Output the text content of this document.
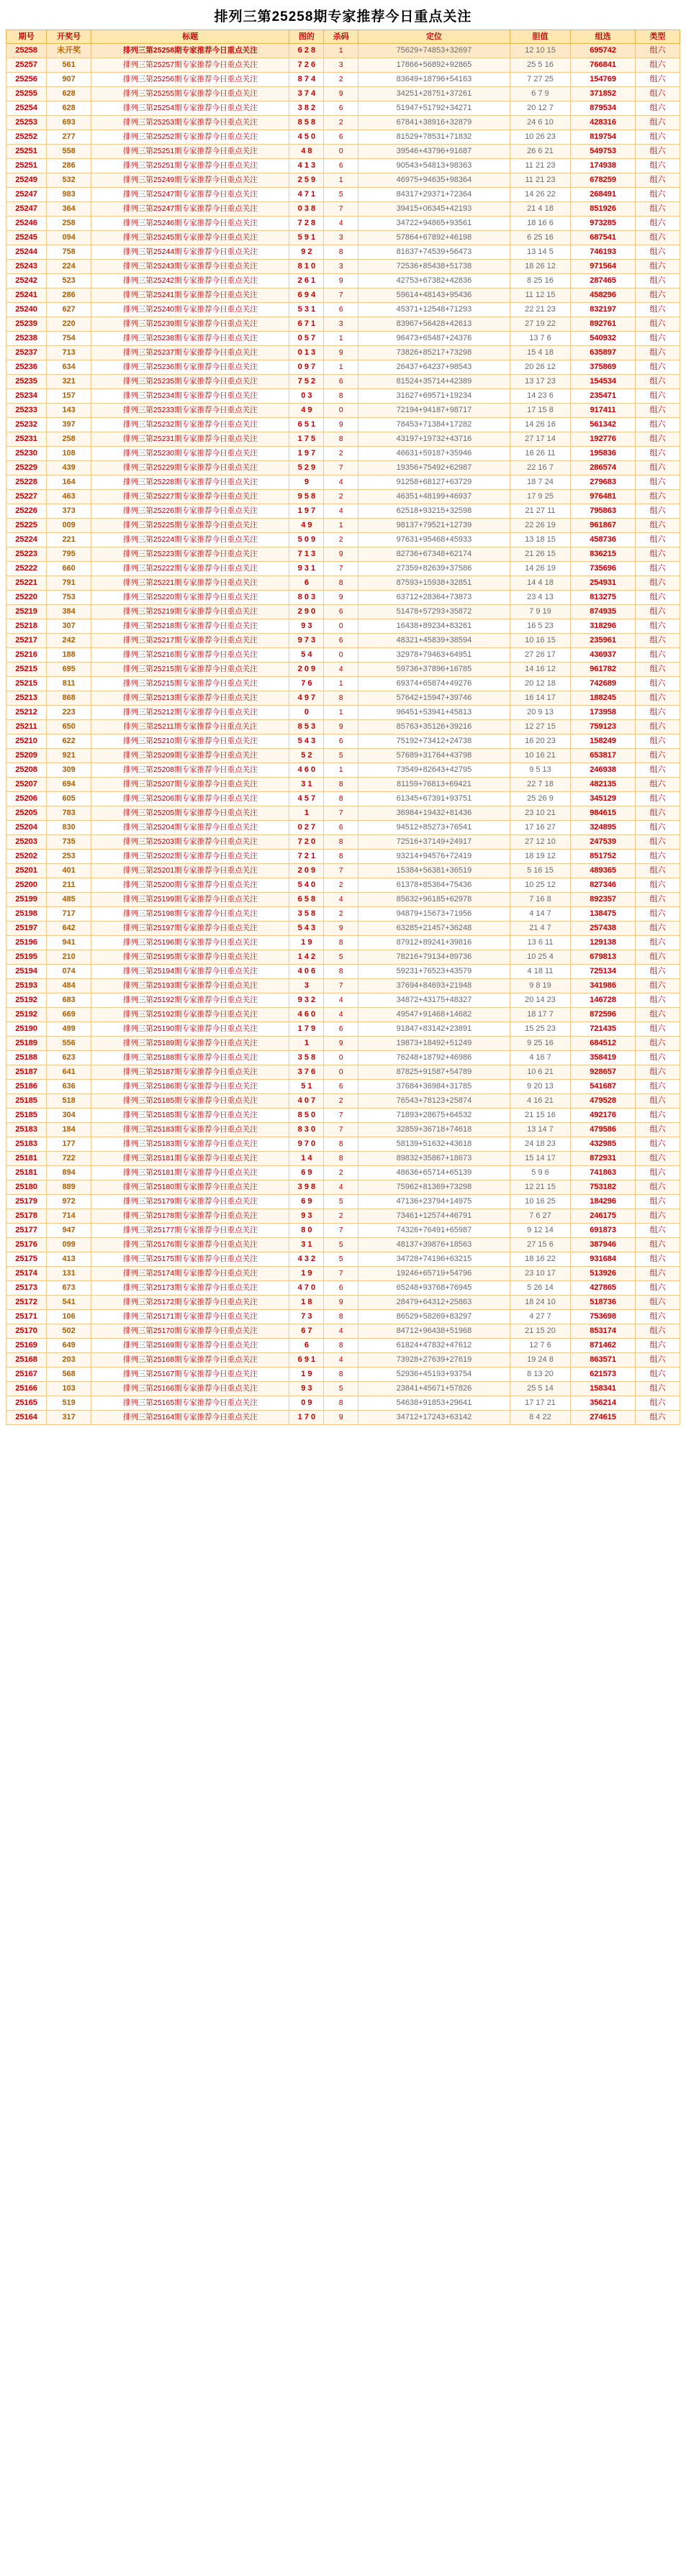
排列三第25258期专家推荐今日重点关注
期号	开奖号	标题	图的	杀码	定位	胆值	组选	类型
25258	未开奖	排列三第25258期专家推荐今日重点关注	6 2 8	1	75629+74853+32697	12 10 15	695742	组六
25257	561	排列三第25257期专家推荐今日重点关注	7 2 6	3	17866+56892+92865	25 5 16	766841	组六
25256	907	排列三第25256期专家推荐今日重点关注	8 7 4	2	83649+18796+54163	7 27 25	154769	组六
25255	628	排列三第25255期专家推荐今日重点关注	3 7 4	9	34251+28751+37261	6 7 9	371852	组六
25254	628	排列三第25254期专家推荐今日重点关注	3 8 2	6	51947+51792+34271	20 12 7	879534	组六
25253	693	排列三第25253期专家推荐今日重点关注	8 5 8	2	67841+38916+32879	24 6 10	428316	组六
25252	277	排列三第25252期专家推荐今日重点关注	4 5 0	6	81529+78531+71832	10 26 23	819754	组六
25251	558	排列三第25251期专家推荐今日重点关注	4 8	0	39546+43796+91687	26 6 21	549753	组六
25251	286	排列三第25251期专家推荐今日重点关注	4 1 3	6	90543+54813+98363	11 21 23	174938	组六
25249	532	排列三第25249期专家推荐今日重点关注	2 5 9	1	46975+94635+98364	11 21 23	678259	组六
25247	983	排列三第25247期专家推荐今日重点关注	4 7 1	5	84317+29371+72364	14 26 22	268491	组六
25247	364	排列三第25247期专家推荐今日重点关注	0 3 8	7	39415+06345+42193	21 4 18	851926	组六
25246	258	排列三第25246期专家推荐今日重点关注	7 2 8	4	34722+94865+93561	18 16 6	973285	组六
25245	094	排列三第25245期专家推荐今日重点关注	5 9 1	3	57864+67892+46198	6 25 16	687541	组六
25244	758	排列三第25244期专家推荐今日重点关注	9 2	8	81637+74539+56473	13 14 5	746193	组六
25243	224	排列三第25243期专家推荐今日重点关注	8 1 0	3	72536+85438+51738	18 26 12	971564	组六
25242	523	排列三第25242期专家推荐今日重点关注	2 6 1	9	42753+67382+42836	8 25 16	287465	组六
25241	286	排列三第25241期专家推荐今日重点关注	6 9 4	7	59614+48143+95436	11 12 15	458296	组六
25240	627	排列三第25240期专家推荐今日重点关注	5 3 1	6	45371+12548+71293	22 21 23	832197	组六
25239	220	排列三第25239期专家推荐今日重点关注	6 7 1	3	83967+56428+42613	27 19 22	892761	组六
25238	754	排列三第25238期专家推荐今日重点关注	0 5 7	1	96473+65487+24376	13 7 6	540932	组六
25237	713	排列三第25237期专家推荐今日重点关注	0 1 3	9	73826+85217+73298	15 4 18	635897	组六
25236	634	排列三第25236期专家推荐今日重点关注	0 9 7	1	26437+64237+98543	20 26 12	375869	组六
25235	321	排列三第25235期专家推荐今日重点关注	7 5 2	6	81524+35714+42389	13 17 23	154534	组六
25234	157	排列三第25234期专家推荐今日重点关注	0 3	8	31627+69571+19234	14 23 6	235471	组六
25233	143	排列三第25233期专家推荐今日重点关注	4 9	0	72194+94187+98717	17 15 8	917411	组六
25232	397	排列三第25232期专家推荐今日重点关注	6 5 1	9	78453+71384+17282	14 26 16	561342	组六
25231	258	排列三第25231期专家推荐今日重点关注	1 7 5	8	43197+19732+43716	27 17 14	192776	组六
25230	108	排列三第25230期专家推荐今日重点关注	1 9 7	2	46631+59187+35946	16 26 11	195836	组六
25229	439	排列三第25229期专家推荐今日重点关注	5 2 9	7	19356+75492+62987	22 16 7	286574	组六
25228	164	排列三第25228期专家推荐今日重点关注	9	4	91258+68127+63729	18 7 24	279683	组六
25227	463	排列三第25227期专家推荐今日重点关注	9 5 8	2	46351+48199+46937	17 9 25	976481	组六
25226	373	排列三第25226期专家推荐今日重点关注	1 9 7	4	62518+93215+32598	21 27 11	795863	组六
25225	009	排列三第25225期专家推荐今日重点关注	4 9	1	98137+79521+12739	22 26 19	961867	组六
25224	221	排列三第25224期专家推荐今日重点关注	5 0 9	2	97631+95468+45933	13 18 15	458736	组六
25223	795	排列三第25223期专家推荐今日重点关注	7 1 3	9	82736+67348+62174	21 26 15	836215	组六
25222	660	排列三第25222期专家推荐今日重点关注	9 3 1	7	27359+82639+37586	14 26 19	735696	组六
25221	791	排列三第25221期专家推荐今日重点关注	6	8	87593+15938+32851	14 4 18	254931	组六
25220	753	排列三第25220期专家推荐今日重点关注	8 0 3	9	63712+28364+73873	23 4 13	813275	组六
25219	384	排列三第25219期专家推荐今日重点关注	2 9 0	6	51478+57293+35872	7 9 19	874935	组六
25218	307	排列三第25218期专家推荐今日重点关注	9 3	0	16438+89234+83261	16 5 23	318296	组六
25217	242	排列三第25217期专家推荐今日重点关注	9 7 3	6	48321+45839+38594	10 16 15	235961	组六
25216	188	排列三第25216期专家推荐今日重点关注	5 4	0	32978+79463+64951	27 26 17	436937	组六
25215	695	排列三第25215期专家推荐今日重点关注	2 0 9	4	59736+37896+16785	14 16 12	961782	组六
25215	811	排列三第25215期专家推荐今日重点关注	7 6	1	69374+65874+49276	20 12 18	742689	组六
25213	868	排列三第25213期专家推荐今日重点关注	4 9 7	8	57642+15947+39746	16 14 17	188245	组六
25212	223	排列三第25212期专家推荐今日重点关注	0	1	96451+53941+45813	20 9 13	173958	组六
25211	650	排列三第25211期专家推荐今日重点关注	8 5 3	9	85763+35126+39216	12 27 15	759123	组六
25210	622	排列三第25210期专家推荐今日重点关注	5 4 3	6	75192+73412+24738	16 20 23	158249	组六
25209	921	排列三第25209期专家推荐今日重点关注	5 2	5	57689+31764+43798	10 16 21	653817	组六
25208	309	排列三第25208期专家推荐今日重点关注	4 6 0	1	73549+82643+42795	9 5 13	246938	组六
25207	694	排列三第25207期专家推荐今日重点关注	3 1	8	81159+76813+69421	22 7 18	482135	组六
25206	605	排列三第25206期专家推荐今日重点关注	4 5 7	8	61345+67391+93751	25 26 9	345129	组六
25205	783	排列三第25205期专家推荐今日重点关注	1	7	36984+19432+81436	23 10 21	984615	组六
25204	830	排列三第25204期专家推荐今日重点关注	0 2 7	6	94512+85273+76541	17 16 27	324895	组六
25203	735	排列三第25203期专家推荐今日重点关注	7 2 0	8	72516+37149+24917	27 12 10	247539	组六
25202	253	排列三第25202期专家推荐今日重点关注	7 2 1	8	93214+94576+72419	18 19 12	851752	组六
25201	401	排列三第25201期专家推荐今日重点关注	2 0 9	7	15384+56381+36519	5 16 15	489365	组六
25200	211	排列三第25200期专家推荐今日重点关注	5 4 0	2	61378+85364+75436	10 25 12	827346	组六
25199	485	排列三第25199期专家推荐今日重点关注	6 5 8	4	85632+96185+62978	7 16 8	892357	组六
25198	717	排列三第25198期专家推荐今日重点关注	3 5 8	2	94879+15673+71956	4 14 7	138475	组六
25197	642	排列三第25197期专家推荐今日重点关注	5 4 3	9	63285+21457+36248	21 4 7	257438	组六
25196	941	排列三第25196期专家推荐今日重点关注	1 9	8	87912+89241+39816	13 6 11	129138	组六
25195	210	排列三第25195期专家推荐今日重点关注	1 4 2	5	78216+79134+89736	10 25 4	679813	组六
25194	074	排列三第25194期专家推荐今日重点关注	4 0 6	8	59231+76523+43579	4 18 11	725134	组六
25193	484	排列三第25193期专家推荐今日重点关注	3	7	37694+84693+21948	9 8 19	341986	组六
25192	683	排列三第25192期专家推荐今日重点关注	9 3 2	4	34872+43175+48327	20 14 23	146728	组六
25192	669	排列三第25192期专家推荐今日重点关注	4 6 0	4	49547+91468+14682	18 17 7	872596	组六
25190	499	排列三第25190期专家推荐今日重点关注	1 7 9	6	91847+83142+23891	15 25 23	721435	组六
25189	556	排列三第25189期专家推荐今日重点关注	1	9	19873+18492+51249	9 25 16	684512	组六
25188	623	排列三第25188期专家推荐今日重点关注	3 5 8	0	76248+18792+46986	4 16 7	358419	组六
25187	641	排列三第25187期专家推荐今日重点关注	3 7 6	0	87825+91587+54789	10 6 21	928657	组六
25186	636	排列三第25186期专家推荐今日重点关注	5 1	6	37684+36984+31785	9 20 13	541687	组六
25185	518	排列三第25185期专家推荐今日重点关注	4 0 7	2	76543+78123+25874	4 16 21	479528	组六
25185	304	排列三第25185期专家推荐今日重点关注	8 5 0	7	71893+28675+64532	21 15 16	492176	组六
25183	184	排列三第25183期专家推荐今日重点关注	8 3 0	7	32859+36718+74618	13 14 7	479586	组六
25183	177	排列三第25183期专家推荐今日重点关注	9 7 0	8	58139+51632+43618	24 18 23	432985	组六
25181	722	排列三第25181期专家推荐今日重点关注	1 4	8	89832+35867+18673	15 14 17	872931	组六
25181	894	排列三第25181期专家推荐今日重点关注	6 9	2	48636+65714+65139	5 9 6	741863	组六
25180	889	排列三第25180期专家推荐今日重点关注	3 9 8	4	75962+81369+73298	12 21 15	753182	组六
25179	972	排列三第25179期专家推荐今日重点关注	6 9	5	47136+23794+14975	10 16 25	184296	组六
25178	714	排列三第25178期专家推荐今日重点关注	9 3	2	73461+12574+46791	7 6 27	246175	组六
25177	947	排列三第25177期专家推荐今日重点关注	8 0	7	74326+76491+65987	9 12 14	691873	组六
25176	099	排列三第25176期专家推荐今日重点关注	3 1	5	48137+39876+18563	27 15 6	387946	组六
25175	413	排列三第25175期专家推荐今日重点关注	4 3 2	5	34728+74196+63215	18 16 22	931684	组六
25174	131	排列三第25174期专家推荐今日重点关注	1 9	7	19246+65719+54796	23 10 17	513926	组六
25173	673	排列三第25173期专家推荐今日重点关注	4 7 0	6	65248+93768+76945	5 26 14	427865	组六
25172	541	排列三第25172期专家推荐今日重点关注	1 8	9	28479+64312+25863	18 24 10	518736	组六
25171	106	排列三第25171期专家推荐今日重点关注	7 3	8	86529+58269+83297	4 27 7	753698	组六
25170	502	排列三第25170期专家推荐今日重点关注	6 7	4	84712+96438+51968	21 15 20	853174	组六
25169	649	排列三第25169期专家推荐今日重点关注	6	8	61824+47832+47612	12 7 6	871462	组六
25168	203	排列三第25168期专家推荐今日重点关注	6 9 1	4	73928+27639+27619	19 24 8	863571	组六
25167	568	排列三第25167期专家推荐今日重点关注	1 9	8	52936+45193+93754	8 13 20	621573	组六
25166	103	排列三第25166期专家推荐今日重点关注	9 3	5	23841+45671+57826	25 5 14	158341	组六
25165	519	排列三第25165期专家推荐今日重点关注	0 9	8	54638+91853+29641	17 17 21	356214	组六
25164	317	排列三第25164期专家推荐今日重点关注	1 7 0	9	34712+17243+63142	8 4 22	274615	组六
